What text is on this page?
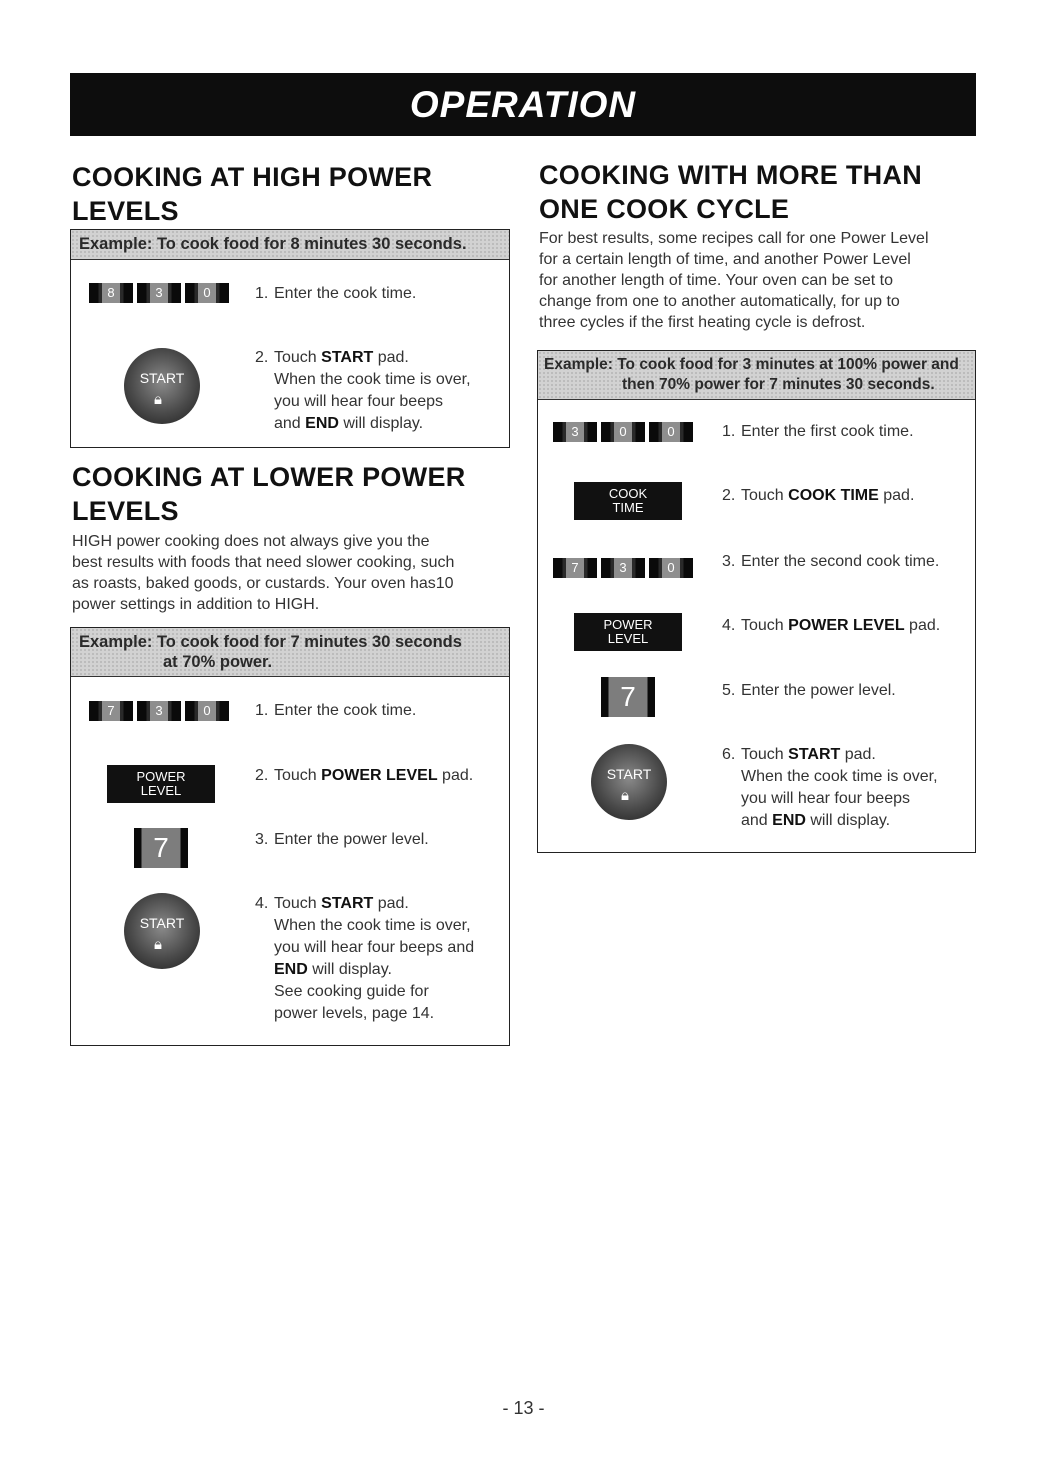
OPERATION
COOKING AT HIGH POWER
LEVELS
Example: To cook food for 8 minutes 30 seconds.
8	3	0	1. Enter the cook time.
START
🔒︎
2. Touch START pad.
When the cook time is over,
you will hear four beeps
and END will display.
COOKING AT LOWER POWER
LEVELS

HIGH power cooking does not always give you the
best results with foods that need slower cooking, such
as roasts, baked goods, or custards. Your oven has10
power settings in addition to HIGH.

Example: To cook food for 7 minutes 30 seconds
at 70% power.
7	3	0	1. Enter the cook time.
POWER
LEVEL
2. Touch POWER LEVEL pad.
7	3. Enter the power level.
START
🔒︎
4. Touch START pad.
When the cook time is over,
you will hear four beeps and
END will display.
See cooking guide for
power levels, page 14.
COOKING WITH MORE THAN
ONE COOK CYCLE

For best results, some recipes call for one Power Level
for a certain length of time, and another Power Level
for another length of time. Your oven can be set to
change from one to another automatically, for up to
three cycles if the first heating cycle is defrost.

Example: To cook food for 3 minutes at 100% power and
then 70% power for 7 minutes 30 seconds.
3	0	0	1. Enter the first cook time.
COOK
TIME
2. Touch COOK TIME pad.
7	3	0	3. Enter the second cook time.
POWER
LEVEL
4. Touch POWER LEVEL pad.
7	5. Enter the power level.
START
🔒︎
6. Touch START pad.
When the cook time is over,
you will hear four beeps
and END will display.
- 13 -
